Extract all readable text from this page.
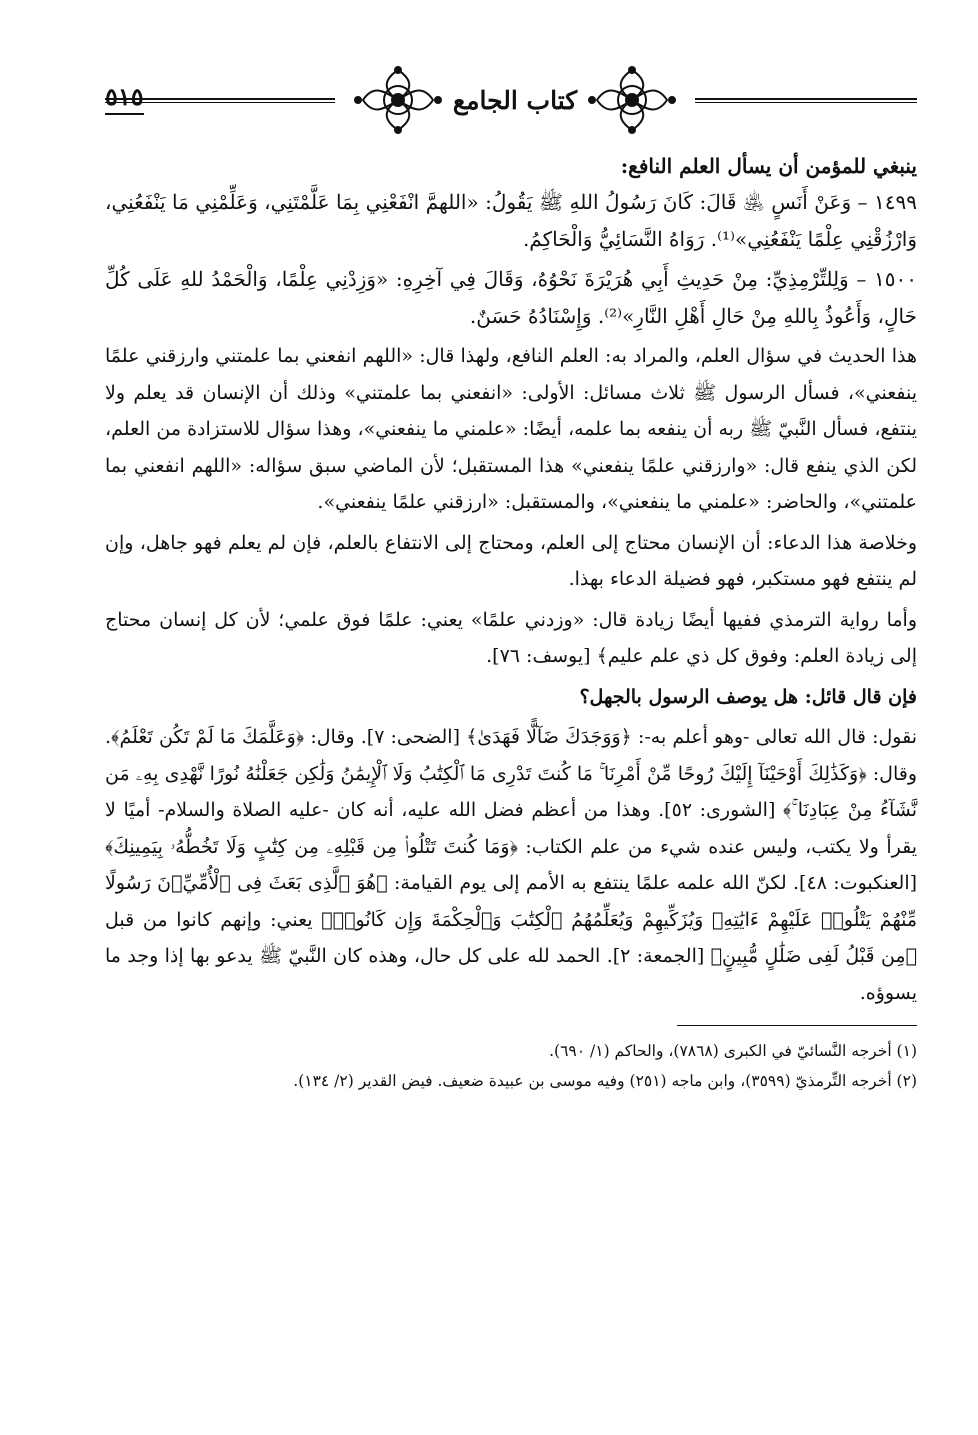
٥١٥	كتاب الجامع
ينبغي للمؤمن أن يسأل العلم النافع:

١٤٩٩ – وَعَنْ أَنَسٍ ﵁ قَالَ: كَانَ رَسُولُ اللهِ ﷺ يَقُولُ: «اللهمَّ انْفَعْنِي بِمَا عَلَّمْتَنِي، وَعَلِّمْنِي مَا يَنْفَعُنِي، وَارْزُقْنِي عِلْمًا يَنْفَعُنِي»⁽¹⁾. رَوَاهُ النَّسَائِيُّ وَالْحَاكِمُ.

١٥٠٠ – وَلِلتِّرْمِذِيِّ: مِنْ حَدِيثِ أَبِي هُرَيْرَةَ نَحْوُهُ، وَقَالَ فِي آخِرِهِ: «وَزِدْنِي عِلْمًا، وَالْحَمْدُ للهِ عَلَى كُلِّ حَالٍ، وَأَعُوذُ بِاللهِ مِنْ حَالِ أَهْلِ النَّارِ»⁽²⁾. وَإِسْنَادُهُ حَسَنٌ.

هذا الحديث في سؤال العلم، والمراد به: العلم النافع، ولهذا قال: «اللهم انفعني بما علمتني وارزقني علمًا ينفعني»، فسأل الرسول ﷺ ثلاث مسائل: الأولى: «انفعني بما علمتني» وذلك أن الإنسان قد يعلم ولا ينتفع، فسأل النَّبيّ ﷺ ربه أن ينفعه بما علمه، أيضًا: «علمني ما ينفعني»، وهذا سؤال للاستزادة من العلم، لكن الذي ينفع قال: «وارزقني علمًا ينفعني» هذا المستقبل؛ لأن الماضي سبق سؤاله: «اللهم انفعني بما علمتني»، والحاضر: «علمني ما ينفعني»، والمستقبل: «ارزقني علمًا ينفعني».

وخلاصة هذا الدعاء: أن الإنسان محتاج إلى العلم، ومحتاج إلى الانتفاع بالعلم، فإن لم يعلم فهو جاهل، وإن لم ينتفع فهو مستكبر، فهو فضيلة الدعاء بهذا.

وأما رواية الترمذي ففيها أيضًا زيادة قال: «وزدني علمًا» يعني: علمًا فوق علمي؛ لأن كل إنسان محتاج إلى زيادة العلم: وفوق كل ذي علم عليم﴾ [يوسف: ٧٦].

فإن قال قائل: هل يوصف الرسول بالجهل؟

نقول: قال الله تعالى -وهو أعلم به-: ﴿وَوَجَدَكَ ضَآلًّا فَهَدَىٰ﴾ [الضحى: ٧]. وقال: ﴿وَعَلَّمَكَ مَا لَمْ تَكُن تَعْلَمُ﴾. وقال: ﴿وَكَذَٰلِكَ أَوْحَيْنَآ إِلَيْكَ رُوحًا مِّنْ أَمْرِنَا ۚ مَا كُنتَ تَدْرِى مَا ٱلْكِتَٰبُ وَلَا ٱلْإِيمَٰنُ وَلَٰكِن جَعَلْنَٰهُ نُورًا نَّهْدِى بِهِۦ مَن نَّشَآءُ مِنْ عِبَادِنَا ۚ﴾ [الشورى: ٥٢]. وهذا من أعظم فضل الله عليه، أنه كان -عليه الصلاة والسلام- أميًا لا يقرأ ولا يكتب، وليس عنده شيء من علم الكتاب: ﴿وَمَا كُنتَ تَتْلُوا۟ مِن قَبْلِهِۦ مِن كِتَٰبٍ وَلَا تَخُطُّهُۥ بِيَمِينِكَ﴾ [العنكبوت: ٤٨]. لكنّ الله علمه علمًا ينتفع به الأمم إلى يوم القيامة: ﴿هُوَ ٱلَّذِى بَعَثَ فِى ٱلْأُمِّيِّۦنَ رَسُولًا مِّنْهُمْ يَتْلُوا۟ عَلَيْهِمْ ءَايَٰتِهِۦ وَيُزَكِّيهِمْ وَيُعَلِّمُهُمُ ٱلْكِتَٰبَ وَٱلْحِكْمَةَ وَإِن كَانُوا۟﴾ يعني: وإنهم كانوا من قبل ﴿مِن قَبْلُ لَفِى ضَلَٰلٍ مُّبِينٍ﴾ [الجمعة: ٢]. الحمد لله على كل حال، وهذه كان النَّبيّ ﷺ يدعو بها إذا وجد ما يسوؤه.

(١) أخرجه النَّسائيّ في الكبرى (٧٨٦٨)، والحاكم (١/ ٦٩٠).

(٢) أخرجه التِّرمذيّ (٣٥٩٩)، وابن ماجه (٢٥١) وفيه موسى بن عبيدة ضعيف. فيض القدير (٢/ ١٣٤).
